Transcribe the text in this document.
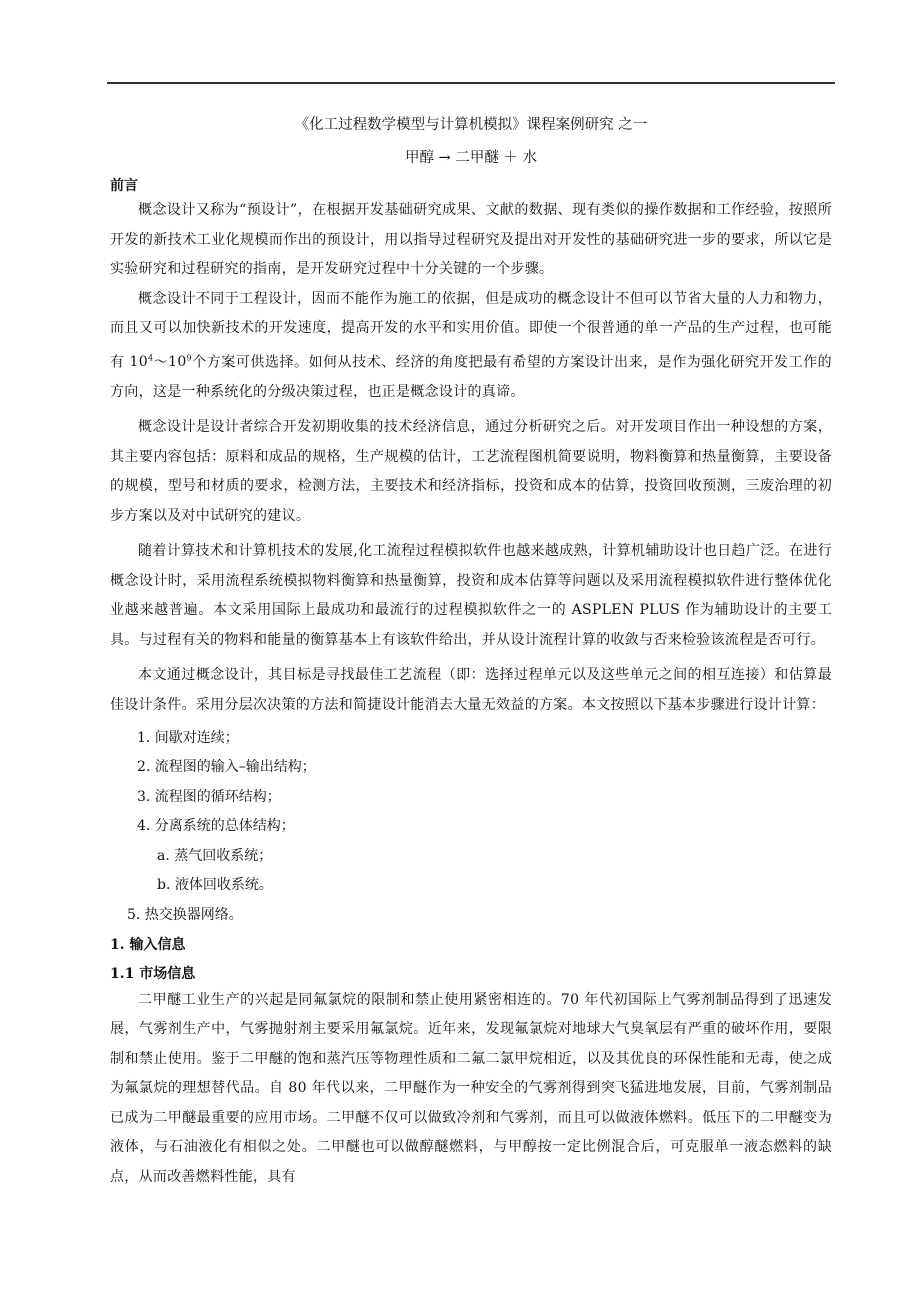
《化工过程数学模型与计算机模拟》课程案例研究 之一
甲醇 → 二甲醚 ＋ 水
前言

概念设计又称为“预设计”，在根据开发基础研究成果、文献的数据、现有类似的操作数据和工作经验，按照所开发的新技术工业化规模而作出的预设计，用以指导过程研究及提出对开发性的基础研究进一步的要求，所以它是实验研究和过程研究的指南，是开发研究过程中十分关键的一个步骤。

概念设计不同于工程设计，因而不能作为施工的依据，但是成功的概念设计不但可以节省大量的人力和物力，而且又可以加快新技术的开发速度，提高开发的水平和实用价值。即使一个很普通的单一产品的生产过程，也可能有 $10^4\sim 10^9$个方案可供选择。如何从技术、经济的角度把最有希望的方案设计出来，是作为强化研究开发工作的方向，这是一种系统化的分级决策过程，也正是概念设计的真谛。

概念设计是设计者综合开发初期收集的技术经济信息，通过分析研究之后。对开发项目作出一种设想的方案，其主要内容包括：原料和成品的规格，生产规模的估计，工艺流程图机简要说明，物料衡算和热量衡算，主要设备的规模，型号和材质的要求，检测方法，主要技术和经济指标，投资和成本的估算，投资回收预测，三废治理的初步方案以及对中试研究的建议。

随着计算技术和计算机技术的发展,化工流程过程模拟软件也越来越成熟，计算机辅助设计也日趋广泛。在进行概念设计时，采用流程系统模拟物料衡算和热量衡算，投资和成本估算等问题以及采用流程模拟软件进行整体优化业越来越普遍。本文采用国际上最成功和最流行的过程模拟软件之一的 ASPLEN PLUS 作为辅助设计的主要工具。与过程有关的物料和能量的衡算基本上有该软件给出，并从设计流程计算的收敛与否来检验该流程是否可行。

本文通过概念设计，其目标是寻找最佳工艺流程（即：选择过程单元以及这些单元之间的相互连接）和估算最佳设计条件。采用分层次决策的方法和简捷设计能消去大量无效益的方案。本文按照以下基本步骤进行设计计算：

1. 间歇对连续；
2. 流程图的输入–输出结构；
3. 流程图的循环结构；
4. 分离系统的总体结构；
a. 蒸气回收系统；
b. 液体回收系统。
5. 热交换器网络。
1. 输入信息
1.1 市场信息

二甲醚工业生产的兴起是同氟氯烷的限制和禁止使用紧密相连的。70 年代初国际上气雾剂制品得到了迅速发展，气雾剂生产中，气雾抛射剂主要采用氟氯烷。近年来，发现氟氯烷对地球大气臭氧层有严重的破坏作用，要限制和禁止使用。鉴于二甲醚的饱和蒸汽压等物理性质和二氟二氯甲烷相近，以及其优良的环保性能和无毒，使之成为氟氯烷的理想替代品。自 80 年代以来，二甲醚作为一种安全的气雾剂得到突飞猛进地发展，目前，气雾剂制品已成为二甲醚最重要的应用市场。二甲醚不仅可以做致冷剂和气雾剂，而且可以做液体燃料。低压下的二甲醚变为液体，与石油液化有相似之处。二甲醚也可以做醇醚燃料，与甲醇按一定比例混合后，可克服单一液态燃料的缺点，从而改善燃料性能，具有
